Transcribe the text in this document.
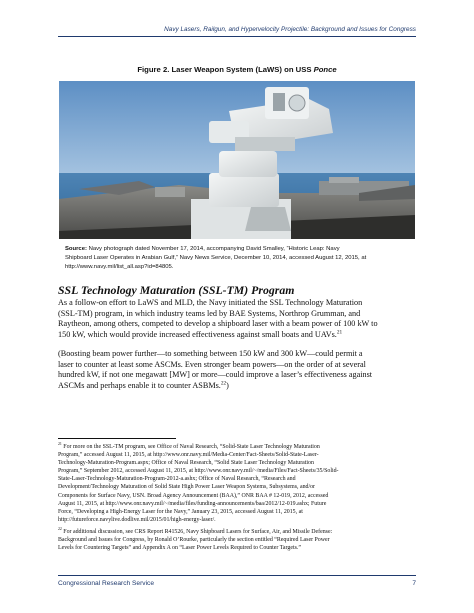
Navy Lasers, Railgun, and Hypervelocity Projectile: Background and Issues for Congress
Figure 2. Laser Weapon System (LaWS) on USS Ponce
Source: Navy photograph dated November 17, 2014, accompanying David Smalley, “Historic Leap: Navy
Shipboard Laser Operates in Arabian Gulf,” Navy News Service, December 10, 2014, accessed August 12, 2015, at
http://www.navy.mil/list_all.asp?id=84805.
SSL Technology Maturation (SSL-TM) Program
As a follow-on effort to LaWS and MLD, the Navy initiated the SSL Technology Maturation
(SSL-TM) program, in which industry teams led by BAE Systems, Northrop Grumman, and
Raytheon, among others, competed to develop a shipboard laser with a beam power of 100 kW to
150 kW, which would provide increased effectiveness against small boats and UAVs.$^{21}$
(Boosting beam power further—to something between 150 kW and 300 kW—could permit a
laser to counter at least some ASCMs. Even stronger beam powers—on the order of at several
hundred kW, if not one megawatt [MW] or more—could improve a laser’s effectiveness against
ASCMs and perhaps enable it to counter ASBMs.$^{22}$)
$^{21}$ For more on the SSL-TM program, see Office of Naval Research, “Solid-State Laser Technology Maturation
Program,” accessed August 11, 2015, at http://www.onr.navy.mil/Media-Center/Fact-Sheets/Solid-State-Laser-
Technology-Maturation-Program.aspx; Office of Naval Research, “Solid State Laser Technology Maturation
Program,” September 2012, accessed August 11, 2015, at http://www.onr.navy.mil/~/media/Files/Fact-Sheets/35/Solid-
State-Laser-Technology-Maturation-Program-2012-a.ashx; Office of Naval Research, “Research and
Development/Technology Maturation of Solid State High Power Laser Weapon Systems, Subsystems, and/or
Components for Surface Navy, USN. Broad Agency Announcement (BAA),” ONR BAA # 12-019, 2012, accessed
August 11, 2015, at http://www.onr.navy.mil/~/media/files/funding-announcements/baa/2012/12-019.ashx; Future
Force, “Developing a High-Energy Laser for the Navy,” January 23, 2015, accessed August 11, 2015, at
http://futureforce.navylive.dodlive.mil/2015/01/high-energy-laser/.
$^{22}$ For additional discussion, see CRS Report R41526, Navy Shipboard Lasers for Surface, Air, and Missile Defense:
Background and Issues for Congress, by Ronald O’Rourke, particularly the section entitled “Required Laser Power
Levels for Countering Targets” and Appendix A on “Laser Power Levels Required to Counter Targets.”
Congressional Research Service	7
